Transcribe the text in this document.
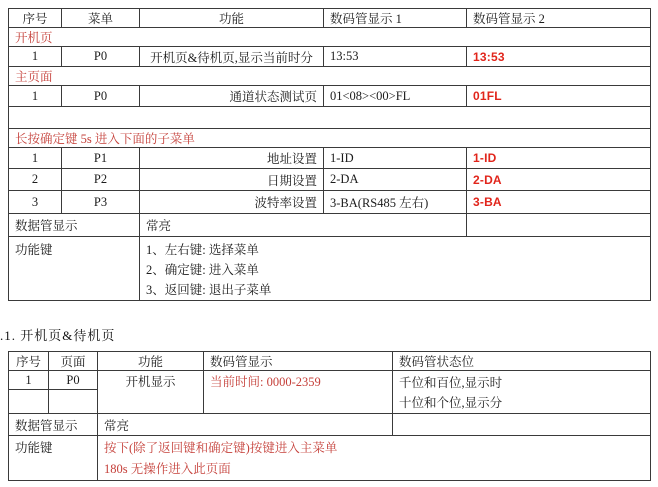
序号	菜单	功能	数码管显示 1	数码管显示 2
开机页				
1	P0	开机页&待机页,显示当前时分	13:53	13:53
主页面				
1	P0	通道状态测试页	01<08><00>FL	01FL

长按确定键 5s 进入下面的子菜单				
1	P1	地址设置	1-ID	1-ID
2	P2	日期设置	2-DA	2-DA
3	P3	波特率设置	3-BA(RS485 左右)	3-BA
数据管显示		常亮		
功能键		1、左右键: 选择菜单
2、确定键: 进入菜单
3、返回键: 退出子菜单		
.1. 开机页&待机页
序号	页面	功能	数码管显示	数码管状态位

1	P0	开机显示	当前时间: 0000-2359	千位和百位,显示时
十位和个位,显示分

数据管显示		常亮		
功能键		按下(除了返回键和确定键)按键进入主菜单
180s 无操作进入此页面		
